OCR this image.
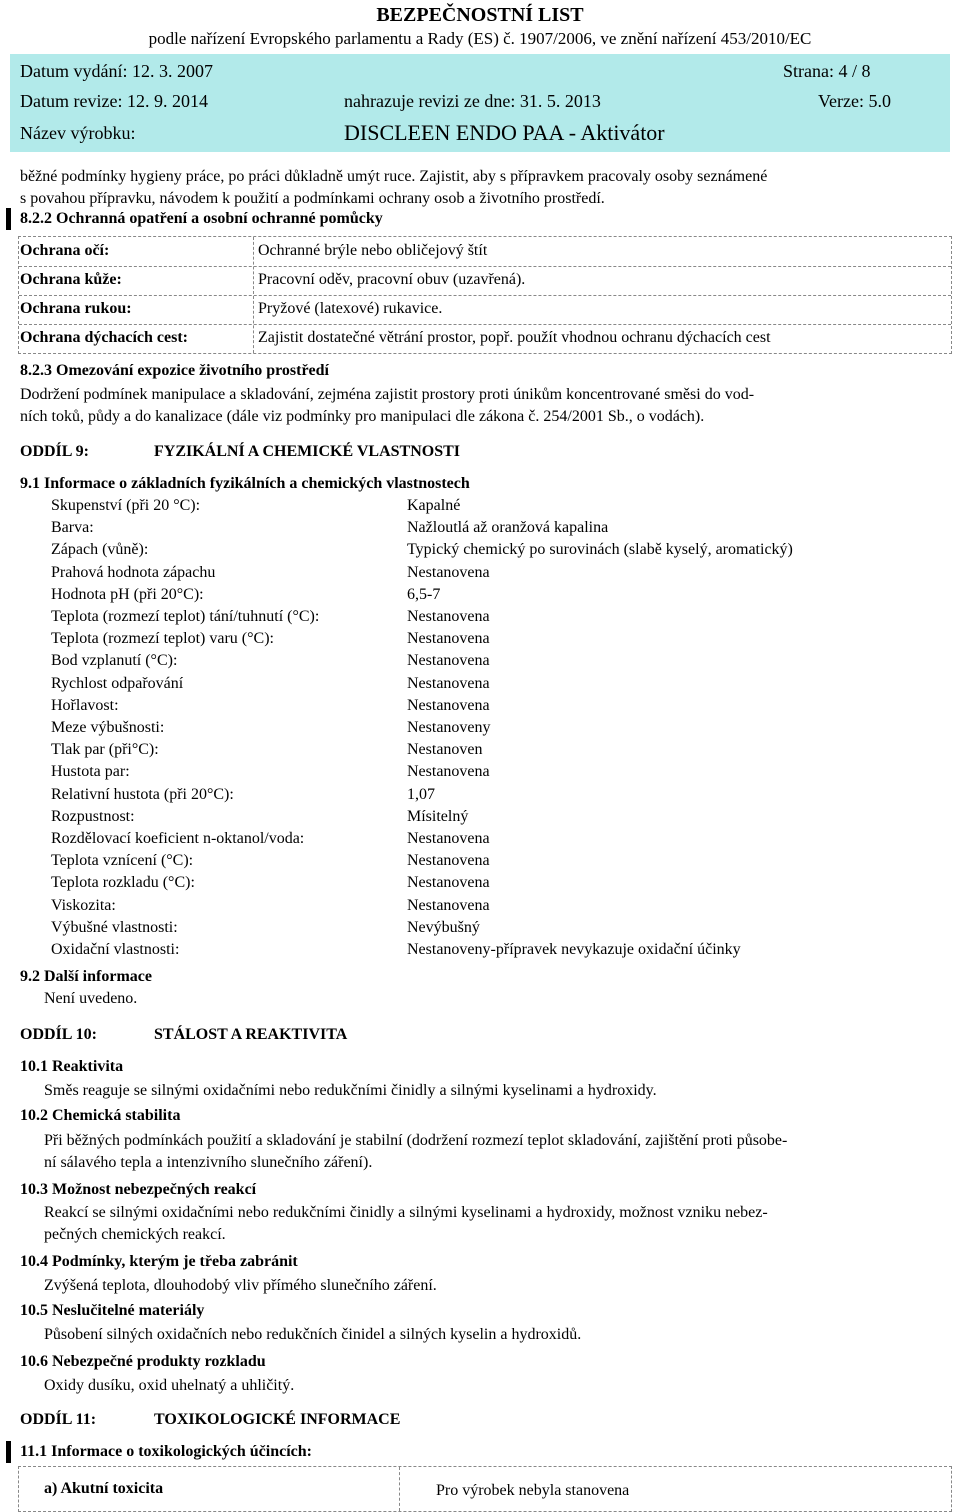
BEZPEČNOSTNÍ LIST
podle nařízení Evropského parlamentu a Rady (ES) č. 1907/2006, ve znění nařízení 453/2010/EC
Datum vydání: 12. 3. 2007	Strana: 4 / 8
Datum revize: 12. 9. 2014	nahrazuje revizi ze dne: 31. 5. 2013	Verze: 5.0
Název výrobku:	DISCLEEN ENDO PAA - Aktivátor
běžné podmínky hygieny práce, po práci důkladně umýt ruce. Zajistit, aby s přípravkem pracovaly osoby seznámené
s povahou přípravku, návodem k použití a podmínkami ochrany osob a životního prostředí.
8.2.2 Ochranná opatření a osobní ochranné pomůcky
Ochrana očí:	Ochranné brýle nebo obličejový štít
Ochrana kůže:	Pracovní oděv, pracovní obuv (uzavřená).
Ochrana rukou:	Pryžové (latexové) rukavice.
Ochrana dýchacích cest:	Zajistit dostatečné větrání prostor, popř. použít vhodnou ochranu dýchacích cest
8.2.3 Omezování expozice životního prostředí
Dodržení podmínek manipulace a skladování, zejména zajistit prostory proti únikům koncentrované směsi do vod-
ních toků, půdy a do kanalizace (dále viz podmínky pro manipulaci dle zákona č. 254/2001 Sb., o vodách).
ODDÍL 9:	FYZIKÁLNÍ A CHEMICKÉ VLASTNOSTI
9.1 Informace o základních fyzikálních a chemických vlastnostech
Skupenství (při 20 °C):	Kapalné
Barva:	Nažloutlá až oranžová kapalina
Zápach (vůně):	Typický chemický po surovinách (slabě kyselý, aromatický)
Prahová hodnota zápachu	Nestanovena
Hodnota pH (při 20°C):	6,5-7
Teplota (rozmezí teplot) tání/tuhnutí (°C):	Nestanovena
Teplota (rozmezí teplot) varu (°C):	Nestanovena
Bod vzplanutí (°C):	Nestanovena
Rychlost odpařování	Nestanovena
Hořlavost:	Nestanovena
Meze výbušnosti:	Nestanoveny
Tlak par (při°C):	Nestanoven
Hustota par:	Nestanovena
Relativní hustota (při 20°C):	1,07
Rozpustnost:	Mísitelný
Rozdělovací koeficient n-oktanol/voda:	Nestanovena
Teplota vznícení (°C):	Nestanovena
Teplota rozkladu (°C):	Nestanovena
Viskozita:	Nestanovena
Výbušné vlastnosti:	Nevýbušný
Oxidační vlastnosti:	Nestanoveny-přípravek nevykazuje oxidační účinky
9.2 Další informace
Není uvedeno.
ODDÍL 10:	STÁLOST A REAKTIVITA
10.1 Reaktivita
Směs reaguje se silnými oxidačními nebo redukčními činidly a silnými kyselinami a hydroxidy.
10.2 Chemická stabilita
Při běžných podmínkách použití a skladování je stabilní (dodržení rozmezí teplot skladování, zajištění proti působe-
ní sálavého tepla a intenzivního slunečního záření).
10.3 Možnost nebezpečných reakcí
Reakcí se silnými oxidačními nebo redukčními činidly a silnými kyselinami a hydroxidy, možnost vzniku nebez-
pečných chemických reakcí.
10.4 Podmínky, kterým je třeba zabránit
Zvýšená teplota, dlouhodobý vliv přímého slunečního záření.
10.5 Neslučitelné materiály
Působení silných oxidačních nebo redukčních činidel a silných kyselin a hydroxidů.
10.6 Nebezpečné produkty rozkladu
Oxidy dusíku, oxid uhelnatý a uhličitý.
ODDÍL 11:	TOXIKOLOGICKÉ INFORMACE
11.1 Informace o toxikologických účincích:
a) Akutní toxicita	Pro výrobek nebyla stanovena
